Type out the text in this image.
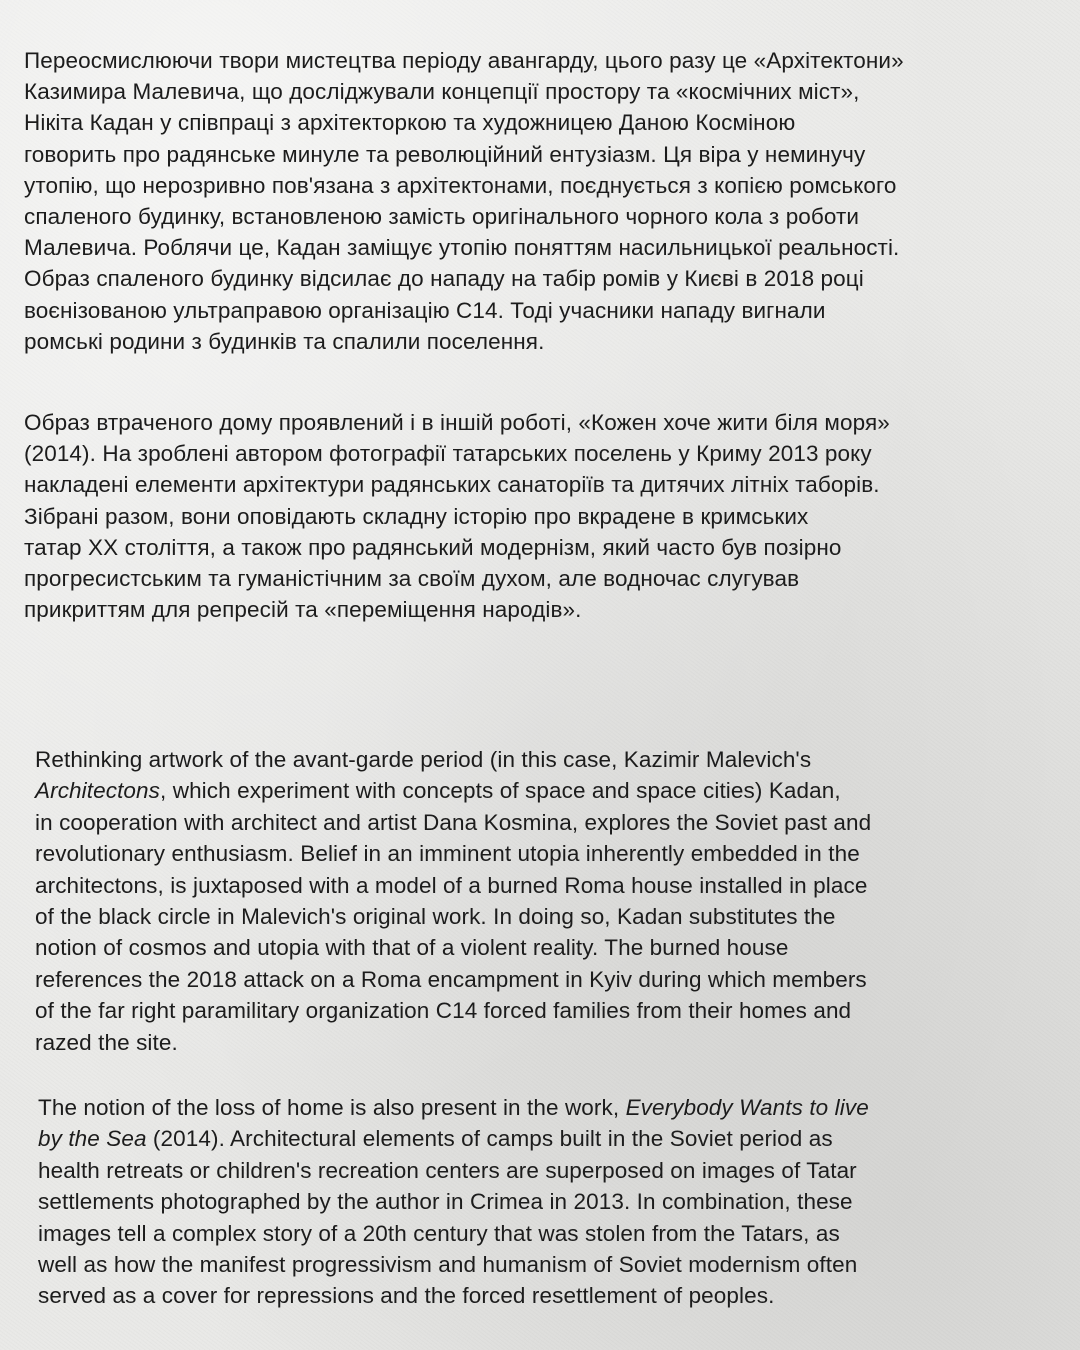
Переосмислюючи твори мистецтва періоду авангарду, цього разу це «Архітектони»
Казимира Малевича, що досліджували концепції простору та «космічних міст»,
Нікіта Кадан у співпраці з архітекторкою та художницею Даною Косміною
говорить про радянське минуле та революційний ентузіазм. Ця віра у неминучу
утопію, що нерозривно пов'язана з архітектонами, поєднується з копією ромського
спаленого будинку, встановленою замість оригінального чорного кола з роботи
Малевича. Роблячи це, Кадан заміщує утопію поняттям насильницької реальності.
Образ спаленого будинку відсилає до нападу на табір ромів у Києві в 2018 році
воєнізованою ультраправою організацію С14. Тоді учасники нападу вигнали
ромські родини з будинків та спалили поселення.
Образ втраченого дому проявлений і в іншій роботі, «Кожен хоче жити біля моря»
(2014). На зроблені автором фотографії татарських поселень у Криму 2013 року
накладені елементи архітектури радянських санаторіїв та дитячих літніх таборів.
Зібрані разом, вони оповідають складну історію про вкрадене в кримських
татар XX століття, а також про радянський модернізм, який часто був позірно
прогресистським та гуманістічним за своїм духом, але водночас слугував
прикриттям для репресій та «переміщення народів».
Rethinking artwork of the avant-garde period (in this case, Kazimir Malevich's
Architectons, which experiment with concepts of space and space cities) Kadan,
in cooperation with architect and artist Dana Kosmina, explores the Soviet past and
revolutionary enthusiasm. Belief in an imminent utopia inherently embedded in the
architectons, is juxtaposed with a model of a burned Roma house installed in place
of the black circle in Malevich's original work. In doing so, Kadan substitutes the
notion of cosmos and utopia with that of a violent reality. The burned house
references the 2018 attack on a Roma encampment in Kyiv during which members
of the far right paramilitary organization C14 forced families from their homes and
razed the site.
The notion of the loss of home is also present in the work, Everybody Wants to live
by the Sea (2014). Architectural elements of camps built in the Soviet period as
health retreats or children's recreation centers are superposed on images of Tatar
settlements photographed by the author in Crimea in 2013. In combination, these
images tell a complex story of a 20th century that was stolen from the Tatars, as
well as how the manifest progressivism and humanism of Soviet modernism often
served as a cover for repressions and the forced resettlement of peoples.
